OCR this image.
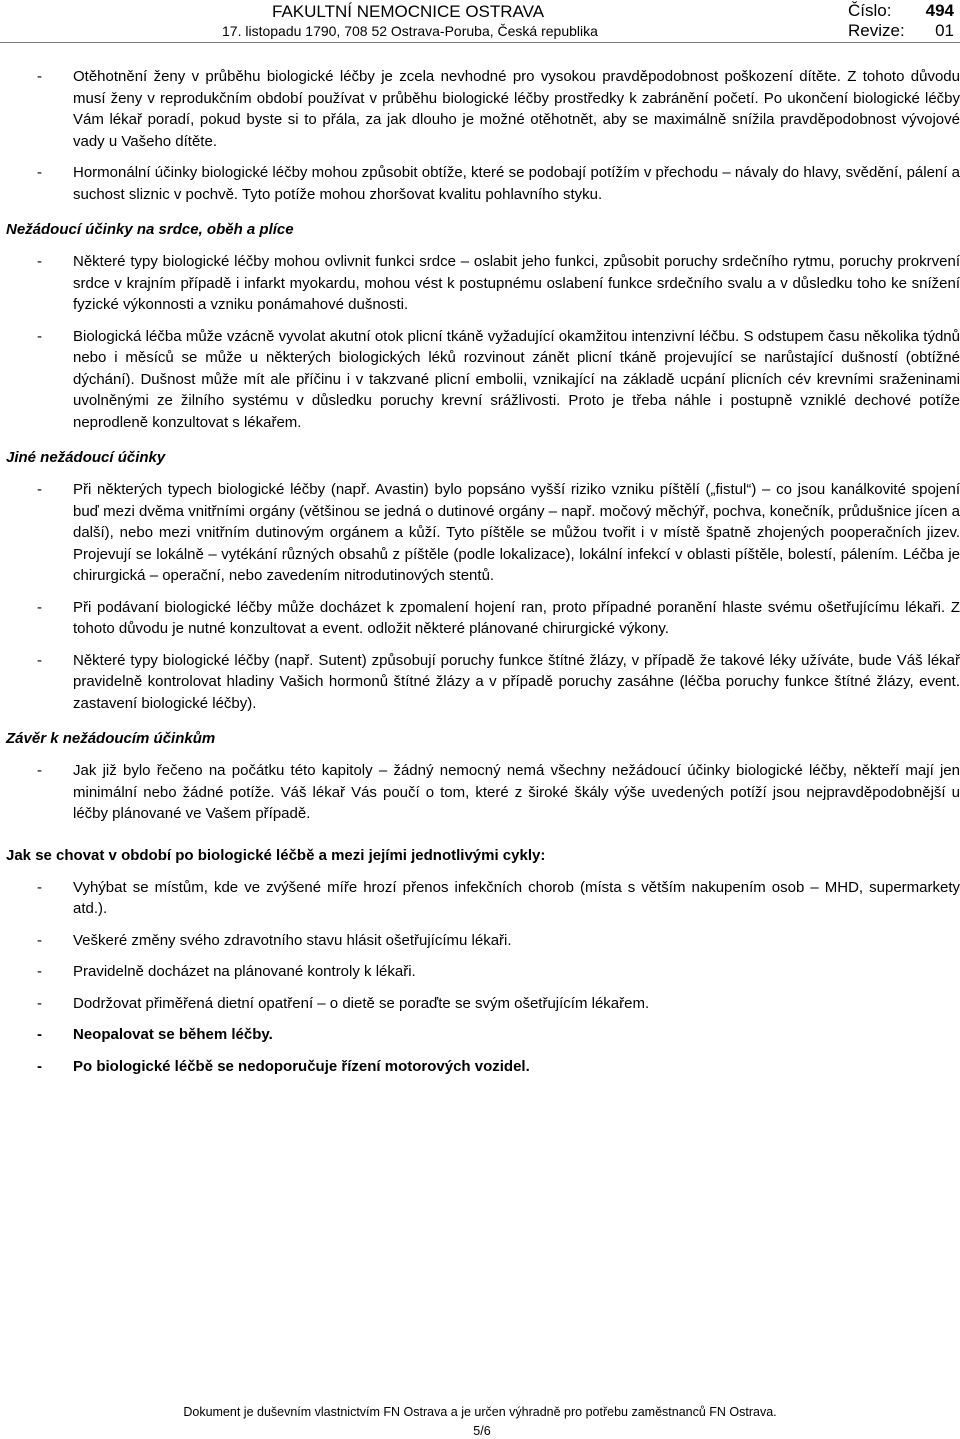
FAKULTNÍ NEMOCNICE OSTRAVA
17. listopadu 1790, 708 52 Ostrava-Poruba, Česká republika
Číslo: 494
Revize: 01
- Otěhotnění ženy v průběhu biologické léčby je zcela nevhodné pro vysokou pravděpodobnost poškození dítěte. Z tohoto důvodu musí ženy v reprodukčním období používat v průběhu biologické léčby prostředky k zabránění početí. Po ukončení biologické léčby Vám lékař poradí, pokud byste si to přála, za jak dlouho je možné otěhotnět, aby se maximálně snížila pravděpodobnost vývojové vady u Vašeho dítěte.
- Hormonální účinky biologické léčby mohou způsobit obtíže, které se podobají potížím v přechodu – návaly do hlavy, svědění, pálení a suchost sliznic v pochvě. Tyto potíže mohou zhoršovat kvalitu pohlavního styku.
Nežádoucí účinky na srdce, oběh a plíce
- Některé typy biologické léčby mohou ovlivnit funkci srdce – oslabit jeho funkci, způsobit poruchy srdečního rytmu, poruchy prokrvení srdce v krajním případě i infarkt myokardu, mohou vést k postupnému oslabení funkce srdečního svalu a v důsledku toho ke snížení fyzické výkonnosti a vzniku ponámahové dušnosti.
- Biologická léčba může vzácně vyvolat akutní otok plicní tkáně vyžadující okamžitou intenzivní léčbu. S odstupem času několika týdnů nebo i měsíců se může u některých biologických léků rozvinout zánět plicní tkáně projevující se narůstající dušností (obtížné dýchání). Dušnost může mít ale příčinu i v takzvané plicní embolii, vznikající na základě ucpání plicních cév krevními sraženinami uvolněnými ze žilního systému v důsledku poruchy krevní srážlivosti. Proto je třeba náhle i postupně vzniklé dechové potíže neprodleně konzultovat s lékařem.
Jiné nežádoucí účinky
- Při některých typech biologické léčby (např. Avastin) bylo popsáno vyšší riziko vzniku píštělí („fistul“) – co jsou kanálkovité spojení buď mezi dvěma vnitřními orgány (většinou se jedná o dutinové orgány – např. močový měchýř, pochva, konečník, průdušnice jícen a další), nebo mezi vnitřním dutinovým orgánem a kůží. Tyto píštěle se můžou tvořit i v místě špatně zhojených pooperačních jizev. Projevují se lokálně – vytékání různých obsahů z píštěle (podle lokalizace), lokální infekcí v oblasti píštěle, bolestí, pálením. Léčba je chirurgická – operační, nebo zavedením nitrodutinových stentů.
- Při podávaní biologické léčby může docházet k zpomalení hojení ran, proto případné poranění hlaste svému ošetřujícímu lékaři. Z tohoto důvodu je nutné konzultovat a event. odložit některé plánované chirurgické výkony.
- Některé typy biologické léčby (např. Sutent) způsobují poruchy funkce štítné žlázy, v případě že takové léky užíváte, bude Váš lékař pravidelně kontrolovat hladiny Vašich hormonů štítné žlázy a v případě poruchy zasáhne (léčba poruchy funkce štítné žlázy, event. zastavení biologické léčby).
Závěr k nežádoucím účinkům
- Jak již bylo řečeno na počátku této kapitoly – žádný nemocný nemá všechny nežádoucí účinky biologické léčby, někteří mají jen minimální nebo žádné potíže. Váš lékař Vás poučí o tom, které z široké škály výše uvedených potíží jsou nejpravděpodobnější u léčby plánované ve Vašem případě.
Jak se chovat v období po biologické léčbě a mezi jejími jednotlivými cykly:
- Vyhýbat se místům, kde ve zvýšené míře hrozí přenos infekčních chorob (místa s větším nakupením osob – MHD, supermarkety atd.).
- Veškeré změny svého zdravotního stavu hlásit ošetřujícímu lékaři.
- Pravidelně docházet na plánované kontroly k lékaři.
- Dodržovat přiměřená dietní opatření – o dietě se poraďte se svým ošetřujícím lékařem.
- Neopalovat se během léčby.
- Po biologické léčbě se nedoporučuje řízení motorových vozidel.
Dokument je duševním vlastnictvím FN Ostrava a je určen výhradně pro potřebu zaměstnanců FN Ostrava.
5/6
